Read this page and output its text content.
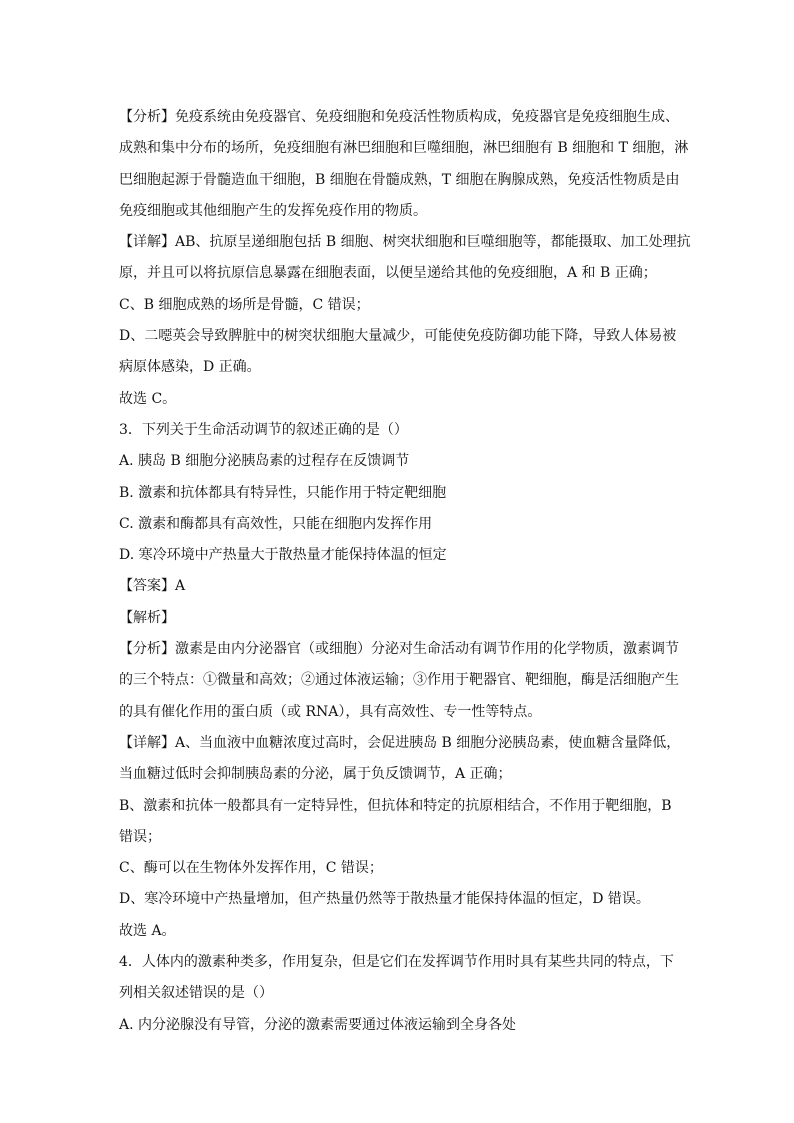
【分析】免疫系统由免疫器官、免疫细胞和免疫活性物质构成，免疫器官是免疫细胞生成、
成熟和集中分布的场所，免疫细胞有淋巴细胞和巨噬细胞，淋巴细胞有 B 细胞和 T 细胞，淋
巴细胞起源于骨髓造血干细胞，B 细胞在骨髓成熟，T 细胞在胸腺成熟，免疫活性物质是由
免疫细胞或其他细胞产生的发挥免疫作用的物质。
【详解】AB、抗原呈递细胞包括 B 细胞、树突状细胞和巨噬细胞等，都能摄取、加工处理抗
原，并且可以将抗原信息暴露在细胞表面，以便呈递给其他的免疫细胞，A 和 B 正确；
C、B 细胞成熟的场所是骨髓，C 错误；
D、二噁英会导致脾脏中的树突状细胞大量减少，可能使免疫防御功能下降，导致人体易被
病原体感染，D 正确。
故选 C。
3．下列关于生命活动调节的叙述正确的是（）
A. 胰岛 B 细胞分泌胰岛素的过程存在反馈调节
B. 激素和抗体都具有特异性，只能作用于特定靶细胞
C. 激素和酶都具有高效性，只能在细胞内发挥作用
D. 寒冷环境中产热量大于散热量才能保持体温的恒定
【答案】A
【解析】
【分析】激素是由内分泌器官（或细胞）分泌对生命活动有调节作用的化学物质，激素调节
的三个特点：①微量和高效；②通过体液运输；③作用于靶器官、靶细胞，酶是活细胞产生
的具有催化作用的蛋白质（或 RNA），具有高效性、专一性等特点。
【详解】A、当血液中血糖浓度过高时，会促进胰岛 B 细胞分泌胰岛素，使血糖含量降低，
当血糖过低时会抑制胰岛素的分泌，属于负反馈调节，A 正确；
B、激素和抗体一般都具有一定特异性，但抗体和特定的抗原相结合，不作用于靶细胞，B
错误；
C、酶可以在生物体外发挥作用，C 错误；
D、寒冷环境中产热量增加，但产热量仍然等于散热量才能保持体温的恒定，D 错误。
故选 A。
4．人体内的激素种类多，作用复杂，但是它们在发挥调节作用时具有某些共同的特点，下
列相关叙述错误的是（）
A. 内分泌腺没有导管，分泌的激素需要通过体液运输到全身各处
